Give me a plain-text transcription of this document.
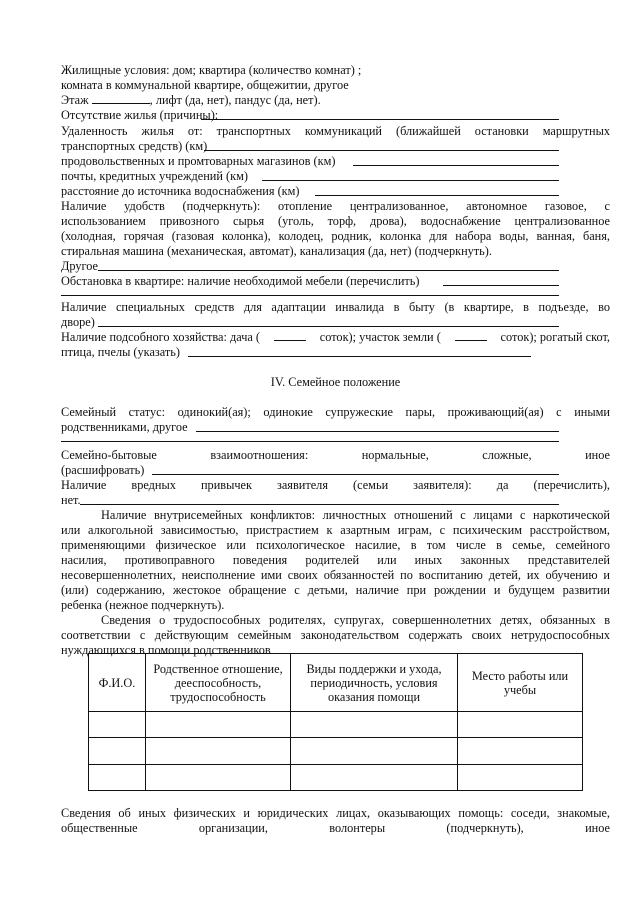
Жилищные условия: дом; квартира (количество комнат) ;
комната в коммунальной квартире, общежитии, другое
Этаж	, лифт (да, нет), пандус (да, нет).
Отсутствие жилья (причины):
Удаленность жилья от: транспортных коммуникаций (ближайшей остановки маршрутных
транспортных средств) (км)
продовольственных и промтоварных магазинов (км)
почты, кредитных учреждений (км)
расстояние до источника водоснабжения (км)
Наличие удобств (подчеркнуть): отопление централизованное, автономное газовое, с
использованием привозного сырья (уголь, торф, дрова), водоснабжение централизованное
(холодная, горячая (газовая колонка), колодец, родник, колонка для набора воды, ванная, баня,
стиральная машина (механическая, автомат), канализация (да, нет) (подчеркнуть).
Другое
Обстановка в квартире: наличие необходимой мебели (перечислить)
Наличие специальных средств для адаптации инвалида в быту (в квартире, в подъезде, во
дворе)
Наличие подсобного хозяйства: дача (	соток); участок земли (	соток); рогатый скот,
птица, пчелы (указать)
IV. Семейное положение
Семейный статус: одинокий(ая); одинокие супружеские пары, проживающий(ая) с иными
родственниками, другое
Семейно-бытовые взаимоотношения: нормальные, сложные, иное
(расшифровать)
Наличие вредных привычек заявителя (семьи заявителя): да (перечислить),
нет.
Наличие внутрисемейных конфликтов: личностных отношений с лицами с наркотической
или алкогольной зависимостью, пристрастием к азартным играм, с психическим расстройством,
применяющими физическое или психологическое насилие, в том числе в семье, семейного
насилия, противоправного поведения родителей или иных законных представителей
несовершеннолетних, неисполнение ими своих обязанностей по воспитанию детей, их обучению и
(или) содержанию, жестокое обращение с детьми, наличие при рождении и будущем развитии
ребенка (нежное подчеркнуть).
Сведения о трудоспособных родителях, супругах, совершеннолетних детях, обязанных в
соответствии с действующим семейным законодательством содержать своих нетрудоспособных
нуждающихся в помощи родственников
Ф.И.О.	Родственное отношение, дееспособность, трудоспособность	Виды поддержки и ухода, периодичность, условия оказания помощи	Место работы или учебы

Сведения об иных физических и юридических лицах, оказывающих помощь: соседи, знакомые,
общественные организации, волонтеры (подчеркнуть), иное
